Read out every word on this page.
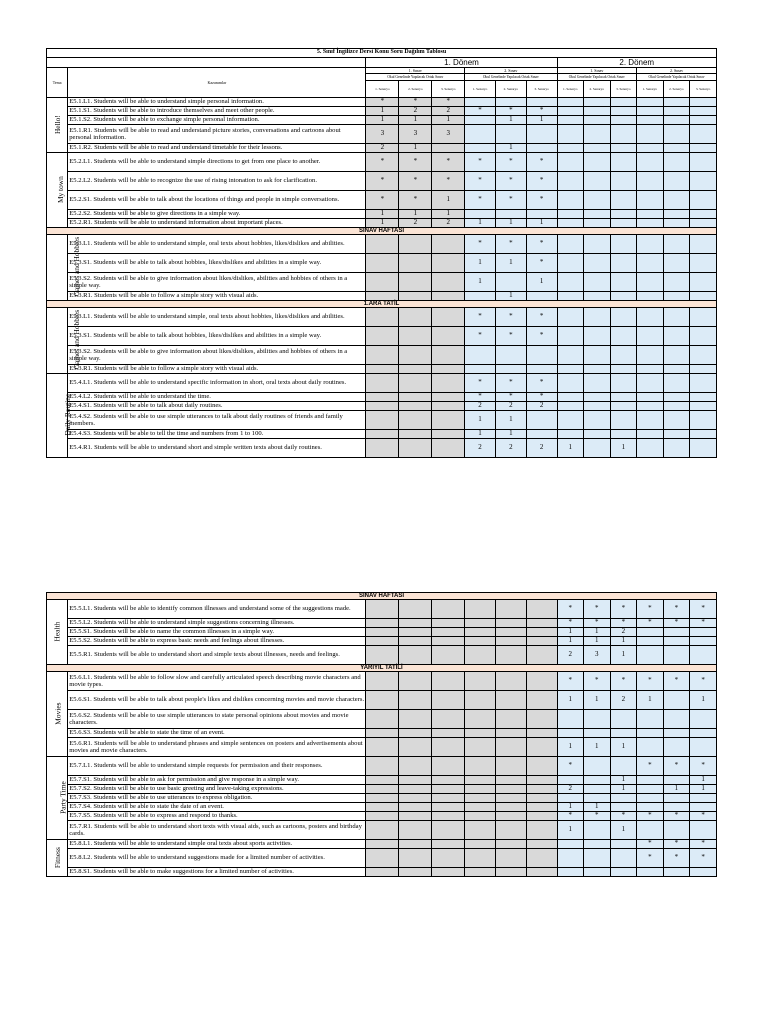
5. Sınıf İngilizce Dersi Konu Soru Dağılım Tablosu													
		1. Dönem						2. Dönem					
Tema	Kazanımlar	1. Sınav			2. Sınav			1. Sınav			2. Sınav		
		Okul Genelinde Yapılacak Ortak Sınav			Okul Genelinde Yapılacak Ortak Sınav			Okul Genelinde Yapılacak Ortak Sınav			Okul Genelinde Yapılacak Ortak Sınav		
		1. Senaryo	2. Senaryo	3. Senaryo	1. Senaryo	2. Senaryo	3. Senaryo	1. Senaryo	2. Senaryo	3. Senaryo	1. Senaryo	2. Senaryo	3. Senaryo
Hello!	E5.1.L1. Students will be able to understand simple personal information.	*	*	*									
	E5.1.S1. Students will be able to introduce themselves and meet other people.	1	2	2	*	*	*						
	E5.1.S2. Students will be able to exchange simple personal information.	1	1	1		1	1						
	E5.1.R1. Students will be able to read and understand picture stories, conversations and cartoons about personal information.	3	3	3									
	E5.1.R2. Students will be able to read and understand timetable for their lessons.	2	1			1							
My town	E5.2.L1. Students will be able to understand simple directions to get from one place to another.	*	*	*	*	*	*						
	E5.2.L2. Students will be able to recognize the use of rising intonation to ask for clarification.	*	*	*	*	*	*						
	E5.2.S1. Students will be able to talk about the locations of things and people in simple conversations.	*	*	1	*	*	*						
	E5.2.S2. Students will be able to give directions in a simple way.	1	1	1									
	E5.2.R1. Students will be able to understand information about important places.	1	2	2	1	1	1						
SINAV HAFTASI													
Games and Hobbies	E5.3.L1. Students will be able to understand simple, oral texts about hobbies, likes/dislikes and abilities.				*	*	*						
	E5.3.S1. Students will be able to talk about hobbies, likes/dislikes and abilities in a simple way.				1	1	*						
	E5.3.S2. Students will be able to give information about likes/dislikes, abilities and hobbies of others in a simple way.				1		1						
	E5.3.R1. Students will be able to follow a simple story with visual aids.					1							
1.ARA TATİL													
Games and Hobbies	E5.3.L1. Students will be able to understand simple, oral texts about hobbies, likes/dislikes and abilities.				*	*	*						
	E5.3.S1. Students will be able to talk about hobbies, likes/dislikes and abilities in a simple way.				*	*	*						
	E5.3.S2. Students will be able to give information about likes/dislikes, abilities and hobbies of others in a simple way.												
	E5.3.R1. Students will be able to follow a simple story with visual aids.												
Daily Routine	E5.4.L1. Students will be able to understand specific information in short, oral texts about daily routines.				*	*	*						
	E5.4.L2. Students will be able to understand the time.				*	*	*						
	E5.4.S1. Students will be able to talk about daily routines.				2	2	2						
	E5.4.S2. Students will be able to use simple utterances to talk about daily routines of friends and family members.				1	1							
	E5.4.S3. Students will be able to tell the time and numbers from 1 to 100.				1	1							
	E5.4.R1. Students will be able to understand short and simple written texts about daily routines.				2	2	2	1		1			
SINAV HAFTASI													
Health	E5.5.L1. Students will be able to identify common illnesses and understand some of the suggestions made.							*	*	*	*	*	*
	E5.5.L2. Students will be able to understand simple suggestions concerning illnesses.							*	*	*	*	*	*
	E5.5.S1. Students will be able to name the common illnesses in a simple way.							1	1	2			
	E5.5.S2. Students will be able to express basic needs and feelings about illnesses.							1	1	1			
	E5.5.R1. Students will be able to understand short and simple texts about illnesses, needs and feelings.							2	3	1			
YARIYIL TATİLİ													
Movies	E5.6.L1. Students will be able to follow slow and carefully articulated speech describing movie characters and movie types.							*	*	*	*	*	*
	E5.6.S1. Students will be able to talk about people's likes and dislikes concerning movies and movie characters.							1	1	2	1		1
	E5.6.S2. Students will be able to use simple utterances to state personal opinions about movies and movie characters.												
	E5.6.S3. Students will be able to state the time of an event.												
	E5.6.R1. Students will be able to understand phrases and simple sentences on posters and advertisements about movies and movie characters.							1	1	1			
Party Time	E5.7.L1. Students will be able to understand simple requests for permission and their responses.							*			*	*	*
	E5.7.S1. Students will be able to ask for permission and give response in a simple way.									1			1
	E5.7.S2. Students will be able to use basic greeting and leave-taking expressions.							2		1		1	1
	E5.7.S3. Students will be able to use utterances to express obligation.												
	E5.7.S4. Students will be able to state the date of an event.							1	1				
	E5.7.S5. Students will be able to express and respond to thanks.							*	*	*	*	*	*
	E5.7.R1. Students will be able to understand short texts with visual aids, such as cartoons, posters and birthday cards.							1		1			
Fitness	E5.8.L1. Students will be able to understand simple oral texts about sports activities.										*	*	*
	E5.8.L2. Students will be able to understand suggestions made for a limited number of activities.										*	*	*
	E5.8.S1. Students will be able to make suggestions for a limited number of activities.												
